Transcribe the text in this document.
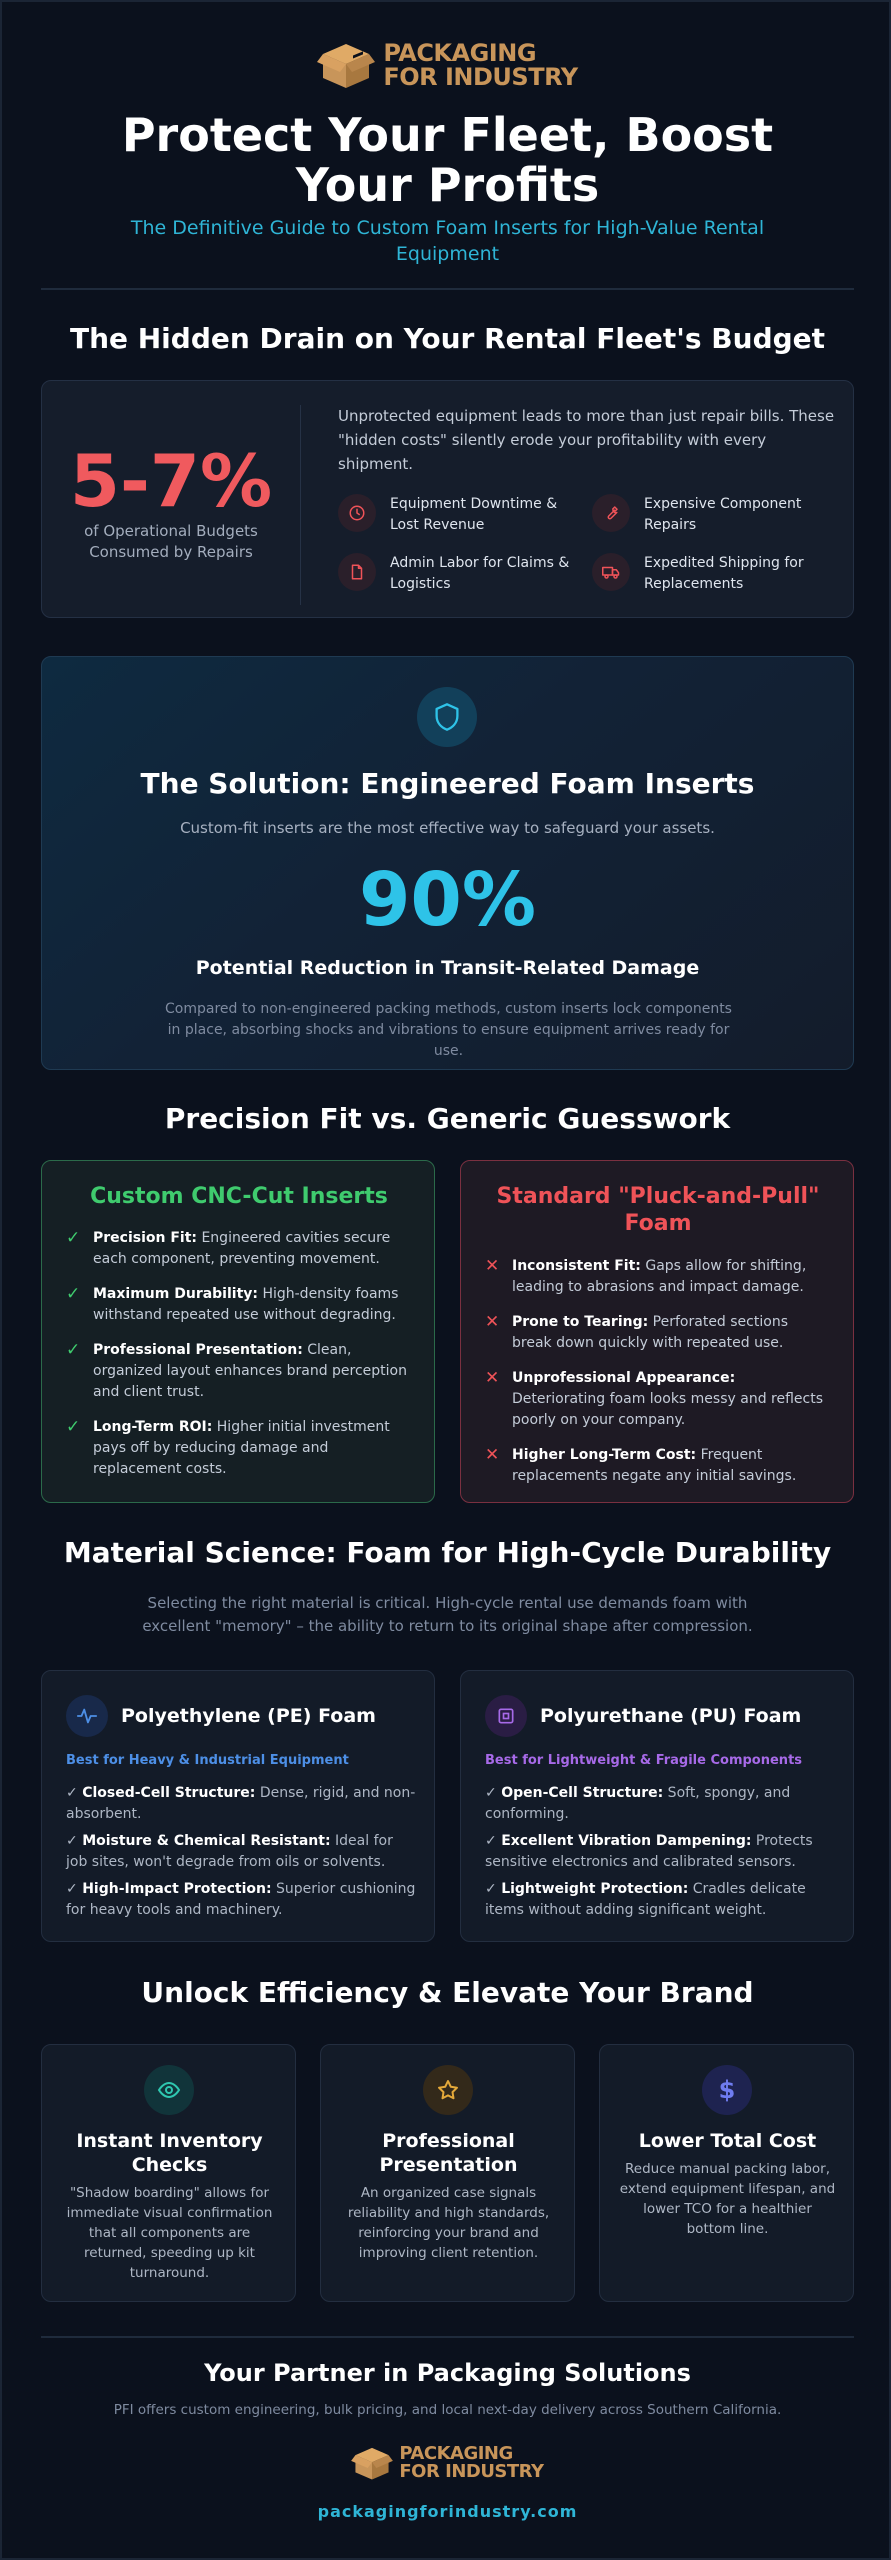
PACKAGING
FOR INDUSTRY
Protect Your Fleet, Boost Your Profits

The Definitive Guide to Custom Foam Inserts for High-Value Rental Equipment

The Hidden Drain on Your Rental Fleet's Budget
5-7%
of Operational Budgets Consumed by Repairs

Unprotected equipment leads to more than just repair bills. These "hidden costs" silently erode your profitability with every shipment.

Equipment Downtime & Lost Revenue
Expensive Component Repairs
Admin Labor for Claims & Logistics
Expedited Shipping for Replacements
The Solution: Engineered Foam Inserts

Custom-fit inserts are the most effective way to safeguard your assets.

90%
Potential Reduction in Transit-Related Damage

Compared to non-engineered packing methods, custom inserts lock components in place, absorbing shocks and vibrations to ensure equipment arrives ready for use.

Precision Fit vs. Generic Guesswork
Custom CNC-Cut Inserts
✓ Precision Fit: Engineered cavities secure each component, preventing movement.
✓ Maximum Durability: High-density foams withstand repeated use without degrading.
✓ Professional Presentation: Clean, organized layout enhances brand perception and client trust.
✓ Long-Term ROI: Higher initial investment pays off by reducing damage and replacement costs.
Standard "Pluck-and-Pull" Foam
✕ Inconsistent Fit: Gaps allow for shifting, leading to abrasions and impact damage.
✕ Prone to Tearing: Perforated sections break down quickly with repeated use.
✕ Unprofessional Appearance: Deteriorating foam looks messy and reflects poorly on your company.
✕ Higher Long-Term Cost: Frequent replacements negate any initial savings.
Material Science: Foam for High-Cycle Durability

Selecting the right material is critical. High-cycle rental use demands foam with excellent "memory" – the ability to return to its original shape after compression.

Polyethylene (PE) Foam
Best for Heavy & Industrial Equipment
✓ Closed-Cell Structure: Dense, rigid, and non-absorbent.
✓ Moisture & Chemical Resistant: Ideal for job sites, won't degrade from oils or solvents.
✓ High-Impact Protection: Superior cushioning for heavy tools and machinery.
Polyurethane (PU) Foam
Best for Lightweight & Fragile Components
✓ Open-Cell Structure: Soft, spongy, and conforming.
✓ Excellent Vibration Dampening: Protects sensitive electronics and calibrated sensors.
✓ Lightweight Protection: Cradles delicate items without adding significant weight.
Unlock Efficiency & Elevate Your Brand
Instant Inventory Checks

"Shadow boarding" allows for immediate visual confirmation that all components are returned, speeding up kit turnaround.

Professional Presentation

An organized case signals reliability and high standards, reinforcing your brand and improving client retention.

$
Lower Total Cost

Reduce manual packing labor, extend equipment lifespan, and lower TCO for a healthier bottom line.

Your Partner in Packaging Solutions

PFI offers custom engineering, bulk pricing, and local next-day delivery across Southern California.

PACKAGING
FOR INDUSTRY
packagingforindustry.com
